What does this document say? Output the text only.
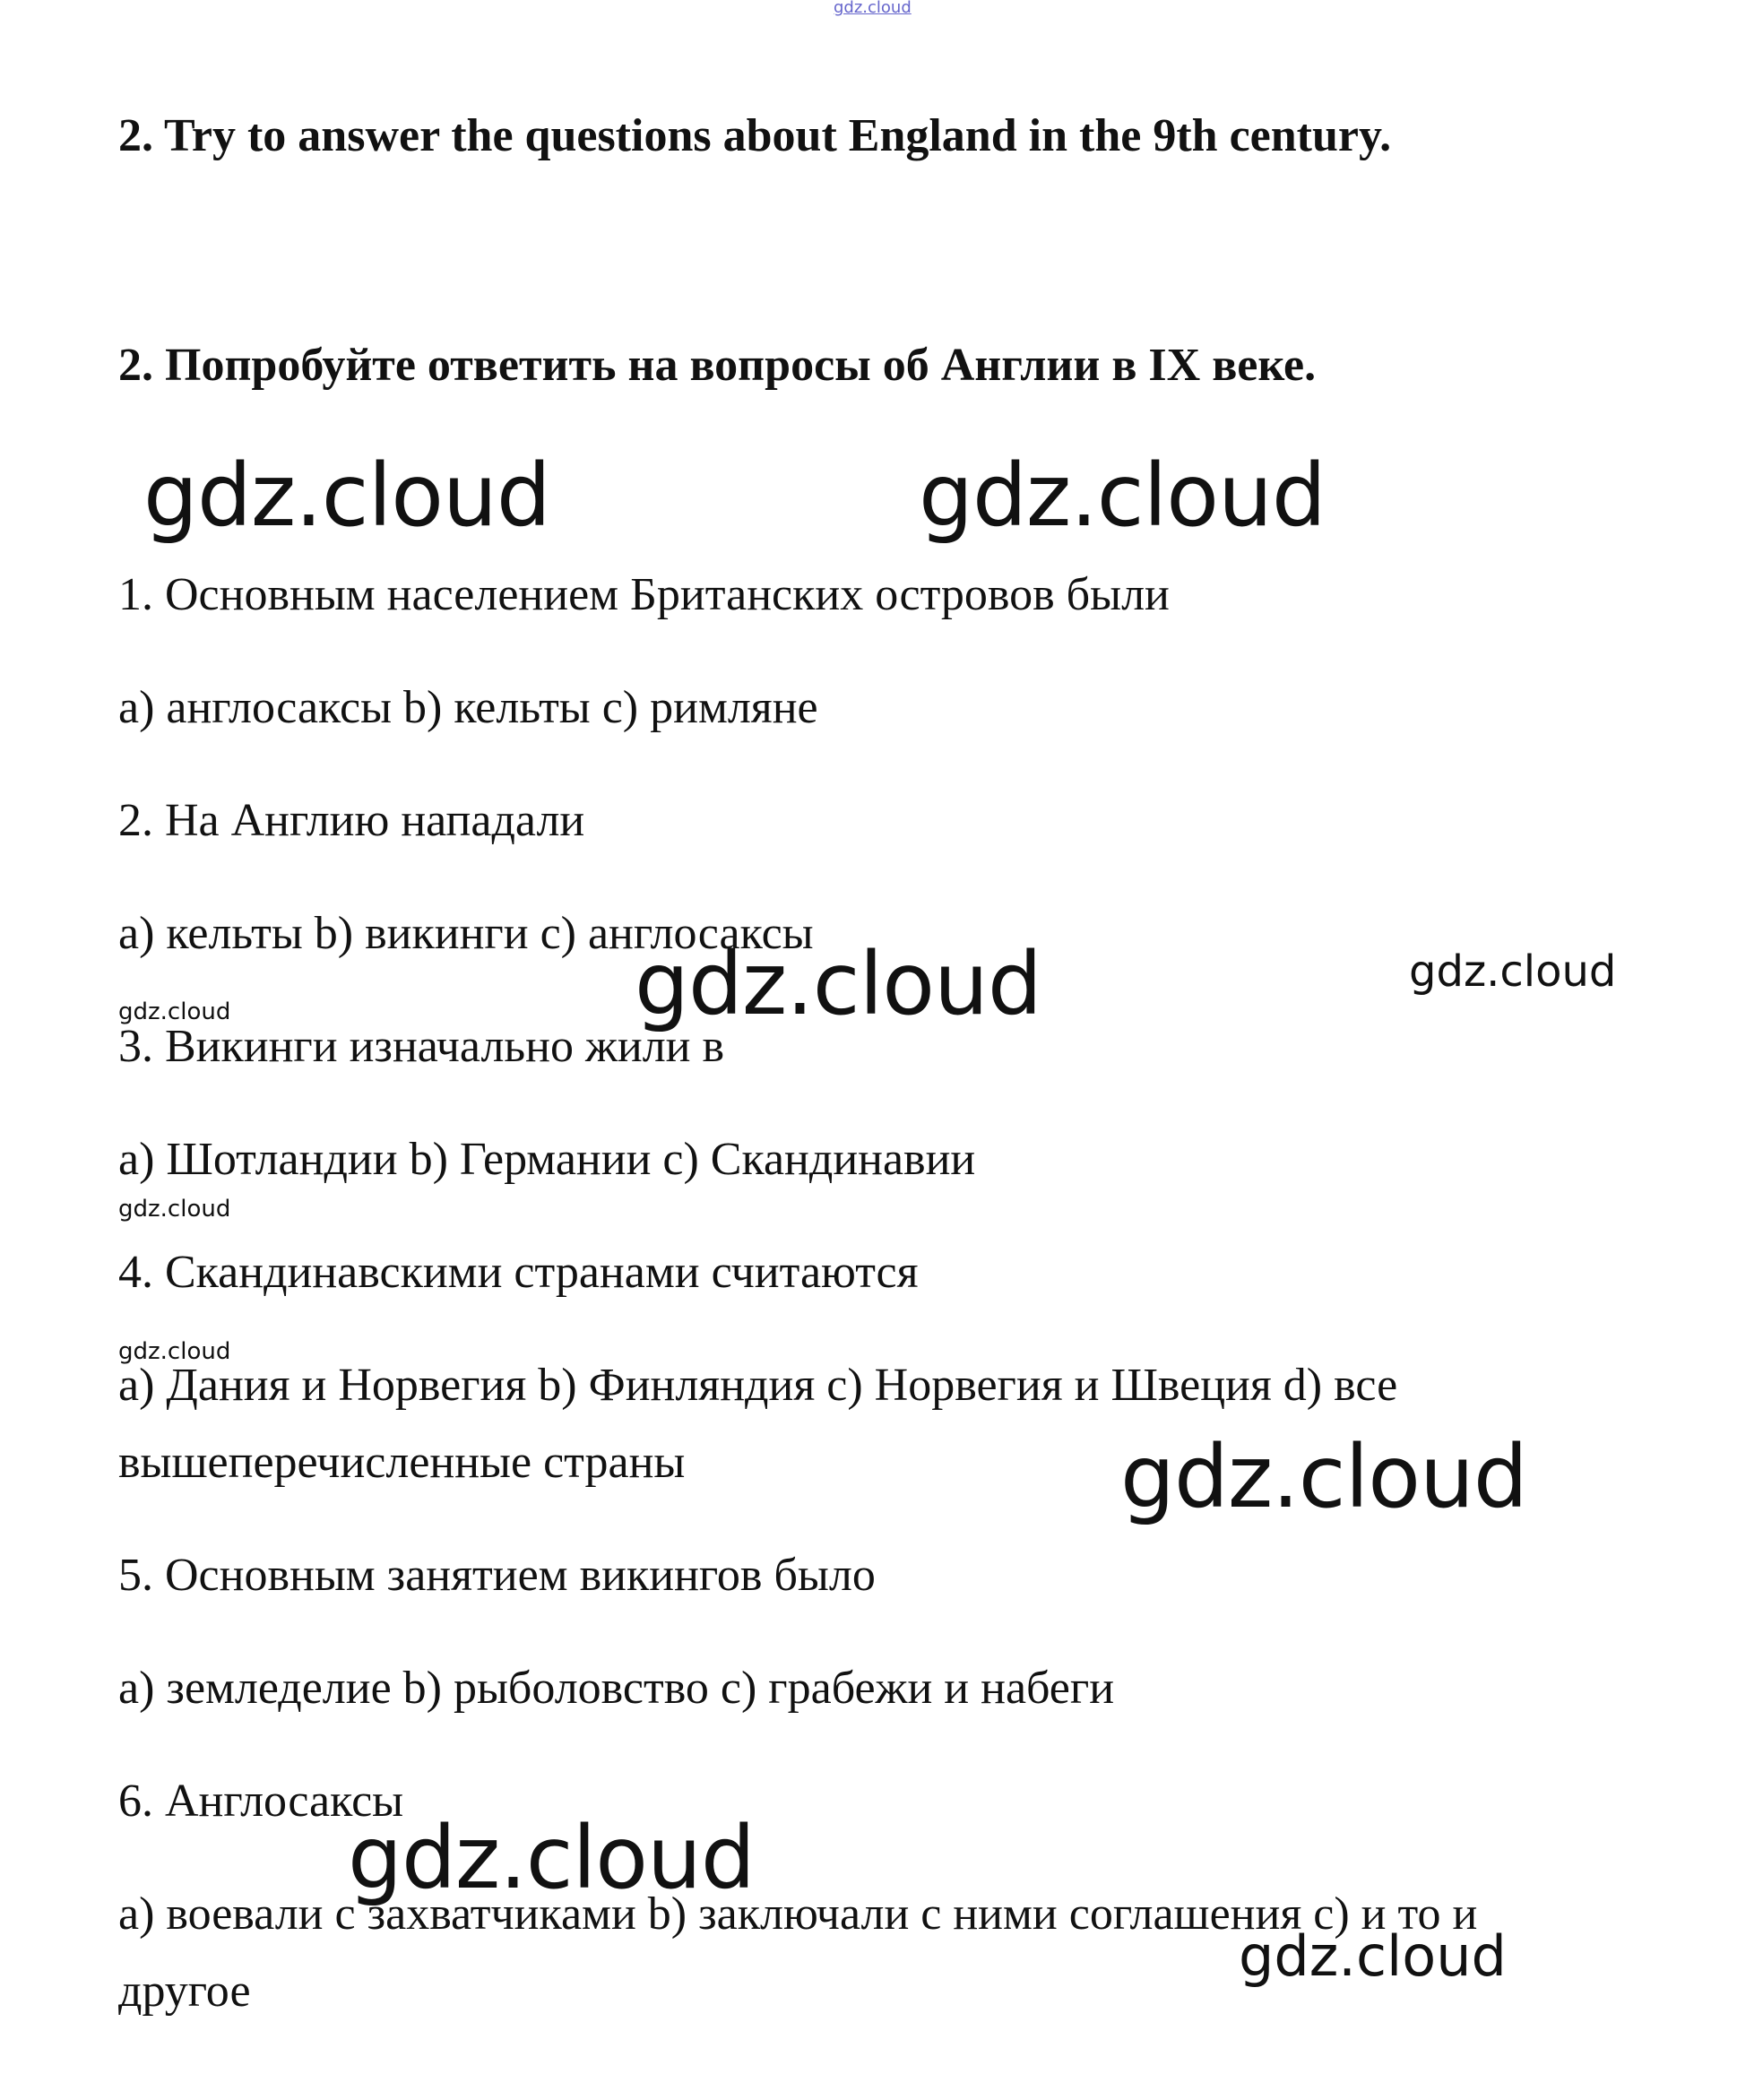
gdz.cloud

2. Try to answer the questions about England in the 9th century.

2. Попробуйте ответить на вопросы об Англии в IX веке.

gdz.cloud	gdz.cloud

1. Основным населением Британских островов были

a) англосаксы b) кельты c) римляне

2. На Англию нападали

a) кельты b) викинги c) англосаксы

gdz.cloud	gdz.cloud
gdz.cloud

3. Викинги изначально жили в

a) Шотландии b) Германии c) Скандинавии

gdz.cloud

4. Скандинавскими странами считаются

gdz.cloud

a) Дания и Норвегия b) Финляндия c) Норвегия и Швеция d) все

вышеперечисленные страны	gdz.cloud

5. Основным занятием викингов было

a) земледелие b) рыболовство c) грабежи и набеги

6. Англосаксы

gdz.cloud

a) воевали с захватчиками b) заключали с ними соглашения c) и то и

gdz.cloud

другое
